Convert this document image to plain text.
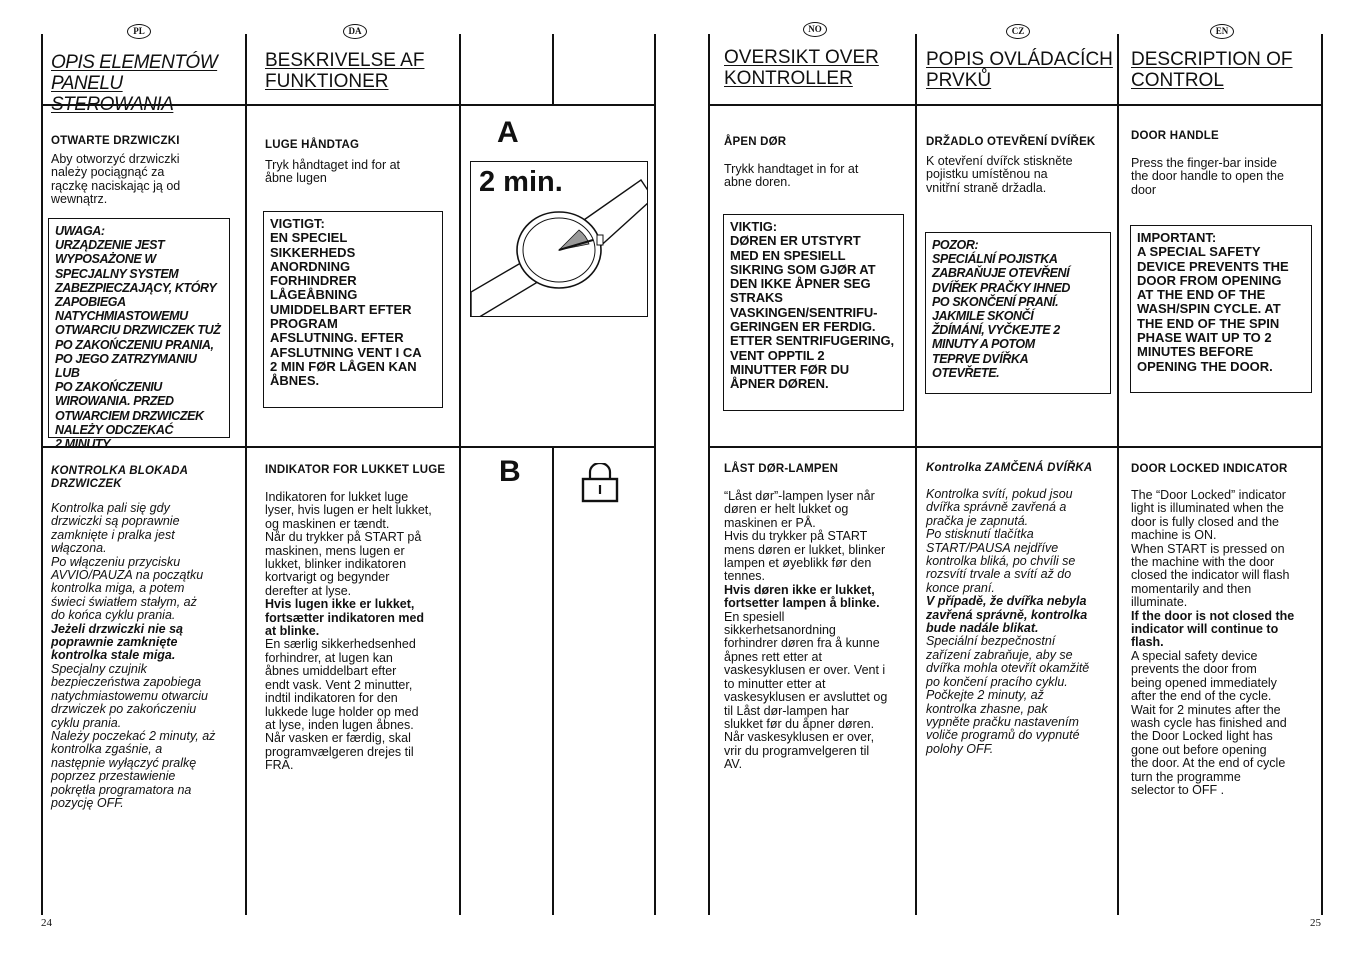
PL
OPIS ELEMENTÓW PANELU STEROWANIA
OTWARTE DRZWICZKI
Aby otworzyć drzwiczki
należy pociągnąć za
rączkę naciskając ją od
wewnątrz.
UWAGA:
URZĄDZENIE JEST
WYPOSAŻONE W
SPECJALNY SYSTEM
ZABEZPIECZAJĄCY, KTÓRY
ZAPOBIEGA
NATYCHMIASTOWEMU
OTWARCIU DRZWICZEK TUŻ
PO ZAKOŃCZENIU PRANIA,
PO JEGO ZATRZYMANIU LUB
PO ZAKOŃCZENIU
WIROWANIA. PRZED
OTWARCIEM DRZWICZEK
NALEŻY ODCZEKAĆ
2 MINUTY.
KONTROLKA BLOKADA DRZWICZEK
Kontrolka pali się gdy
drzwiczki są poprawnie
zamknięte i pralka jest
włączona.
Po włączeniu przycisku
AVVIO/PAUZA na początku
kontrolka miga, a potem
świeci światłem stałym, aż
do końca cyklu prania.
Jeżeli drzwiczki nie są
poprawnie zamknięte
kontrolka stale miga.
Specjalny czujnik
bezpieczeństwa zapobiega
natychmiastowemu otwarciu
drzwiczek po zakończeniu
cyklu prania.
Należy poczekać 2 minuty, aż
kontrolka zgaśnie, a
następnie wyłączyć pralkę
poprzez przestawienie
pokrętła programatora na
pozycję OFF.
DA
BESKRIVELSE AF FUNKTIONER
LUGE HÅNDTAG
Tryk håndtaget ind for at
åbne lugen
VIGTIGT:
EN SPECIEL
SIKKERHEDS
ANORDNING
FORHINDRER
LÅGEÅBNING
UMIDDELBART EFTER
PROGRAM
AFSLUTNING. EFTER
AFSLUTNING VENT I CA
2 MIN FØR LÅGEN KAN
ÅBNES.
INDIKATOR FOR LUKKET LUGE
Indikatoren for lukket luge
lyser, hvis lugen er helt lukket,
og maskinen er tændt.
Når du trykker på START på
maskinen, mens lugen er
lukket, blinker indikatoren
kortvarigt og begynder
derefter at lyse.
Hvis lugen ikke er lukket,
fortsætter indikatoren med
at blinke.
En særlig sikkerhedsenhed
forhindrer, at lugen kan
åbnes umiddelbart efter
endt vask. Vent 2 minutter,
indtil indikatoren for den
lukkede luge holder op med
at lyse, inden lugen åbnes.
Når vasken er færdig, skal
programvælgeren drejes til
FRA.
A
2 min.
B
24
NO
OVERSIKT OVER KONTROLLER
ÅPEN DØR
Trykk handtaget in for at
abne doren.
VIKTIG:
DØREN ER UTSTYRT
MED EN SPESIELL
SIKRING SOM GJØR AT
DEN IKKE ÅPNER SEG
STRAKS
VASKINGEN/SENTRIFU-
GERINGEN ER FERDIG.
ETTER SENTRIFUGERING,
VENT OPPTIL 2
MINUTTER FØR DU
ÅPNER DØREN.
LÅST DØR-LAMPEN
“Låst dør”-lampen lyser når
døren er helt lukket og
maskinen er PÅ.
Hvis du trykker på START
mens døren er lukket, blinker
lampen et øyeblikk før den
tennes.
Hvis døren ikke er lukket,
fortsetter lampen å blinke.
En spesiell
sikkerhetsanordning
forhindrer døren fra å kunne
åpnes rett etter at
vaskesyklusen er over. Vent i
to minutter etter at
vaskesyklusen er avsluttet og
til Låst dør-lampen har
slukket før du åpner døren.
Når vaskesyklusen er over,
vrir du programvelgeren til
AV.
CZ
POPIS OVLÁDACÍCH PRVKŮ
DRŽADLO OTEVŘENÍ DVÍŘEK
K otevření dvířck stiskněte
pojistku umístěnou na
vnitřní straně držadla.
POZOR:
SPECIÁLNÍ POJISTKA
ZABRAŇUJE OTEVŘENÍ
DVÍŘEK PRAČKY IHNED
PO SKONČENÍ PRANÍ.
JAKMILE SKONČÍ
ŽDÍMÁNÍ, VYČKEJTE 2
MINUTY A POTOM
TEPRVE DVÍŘKA
OTEVŘETE.
Kontrolka ZAMČENÁ DVÍŘKA
Kontrolka svítí, pokud jsou
dvířka správně zavřená a
pračka je zapnutá.
Po stisknutí tlačítka
START/PAUSA nejdříve
kontrolka bliká, po chvíli se
rozsvítí trvale a svítí až do
konce praní.
V případě, že dvířka nebyla
zavřená správně, kontrolka
bude nadále blikat.
Speciální bezpečnostní
zařízení zabraňuje, aby se
dvířka mohla otevřít okamžitě
po končení pracího cyklu.
Počkejte 2 minuty, až
kontrolka zhasne, pak
vypněte pračku nastavením
voliče programů do vypnuté
polohy OFF.
EN
DESCRIPTION OF CONTROL
DOOR HANDLE
Press the finger-bar inside
the door handle to open the
door
IMPORTANT:
A SPECIAL SAFETY
DEVICE PREVENTS THE
DOOR FROM OPENING
AT THE END OF THE
WASH/SPIN CYCLE. AT
THE END OF THE SPIN
PHASE WAIT UP TO 2
MINUTES BEFORE
OPENING THE DOOR.
DOOR LOCKED INDICATOR
The “Door Locked” indicator
light is illuminated when the
door is fully closed and the
machine is ON.
When START is pressed on
the machine with the door
closed the indicator will flash
momentarily and then
illuminate.
If the door is not closed the
indicator will continue to
flash.
A special safety device
prevents the door from
being opened immediately
after the end of the cycle.
Wait for 2 minutes after the
wash cycle has finished and
the Door Locked light has
gone out before opening
the door. At the end of cycle
turn the programme
selector to OFF .
25
